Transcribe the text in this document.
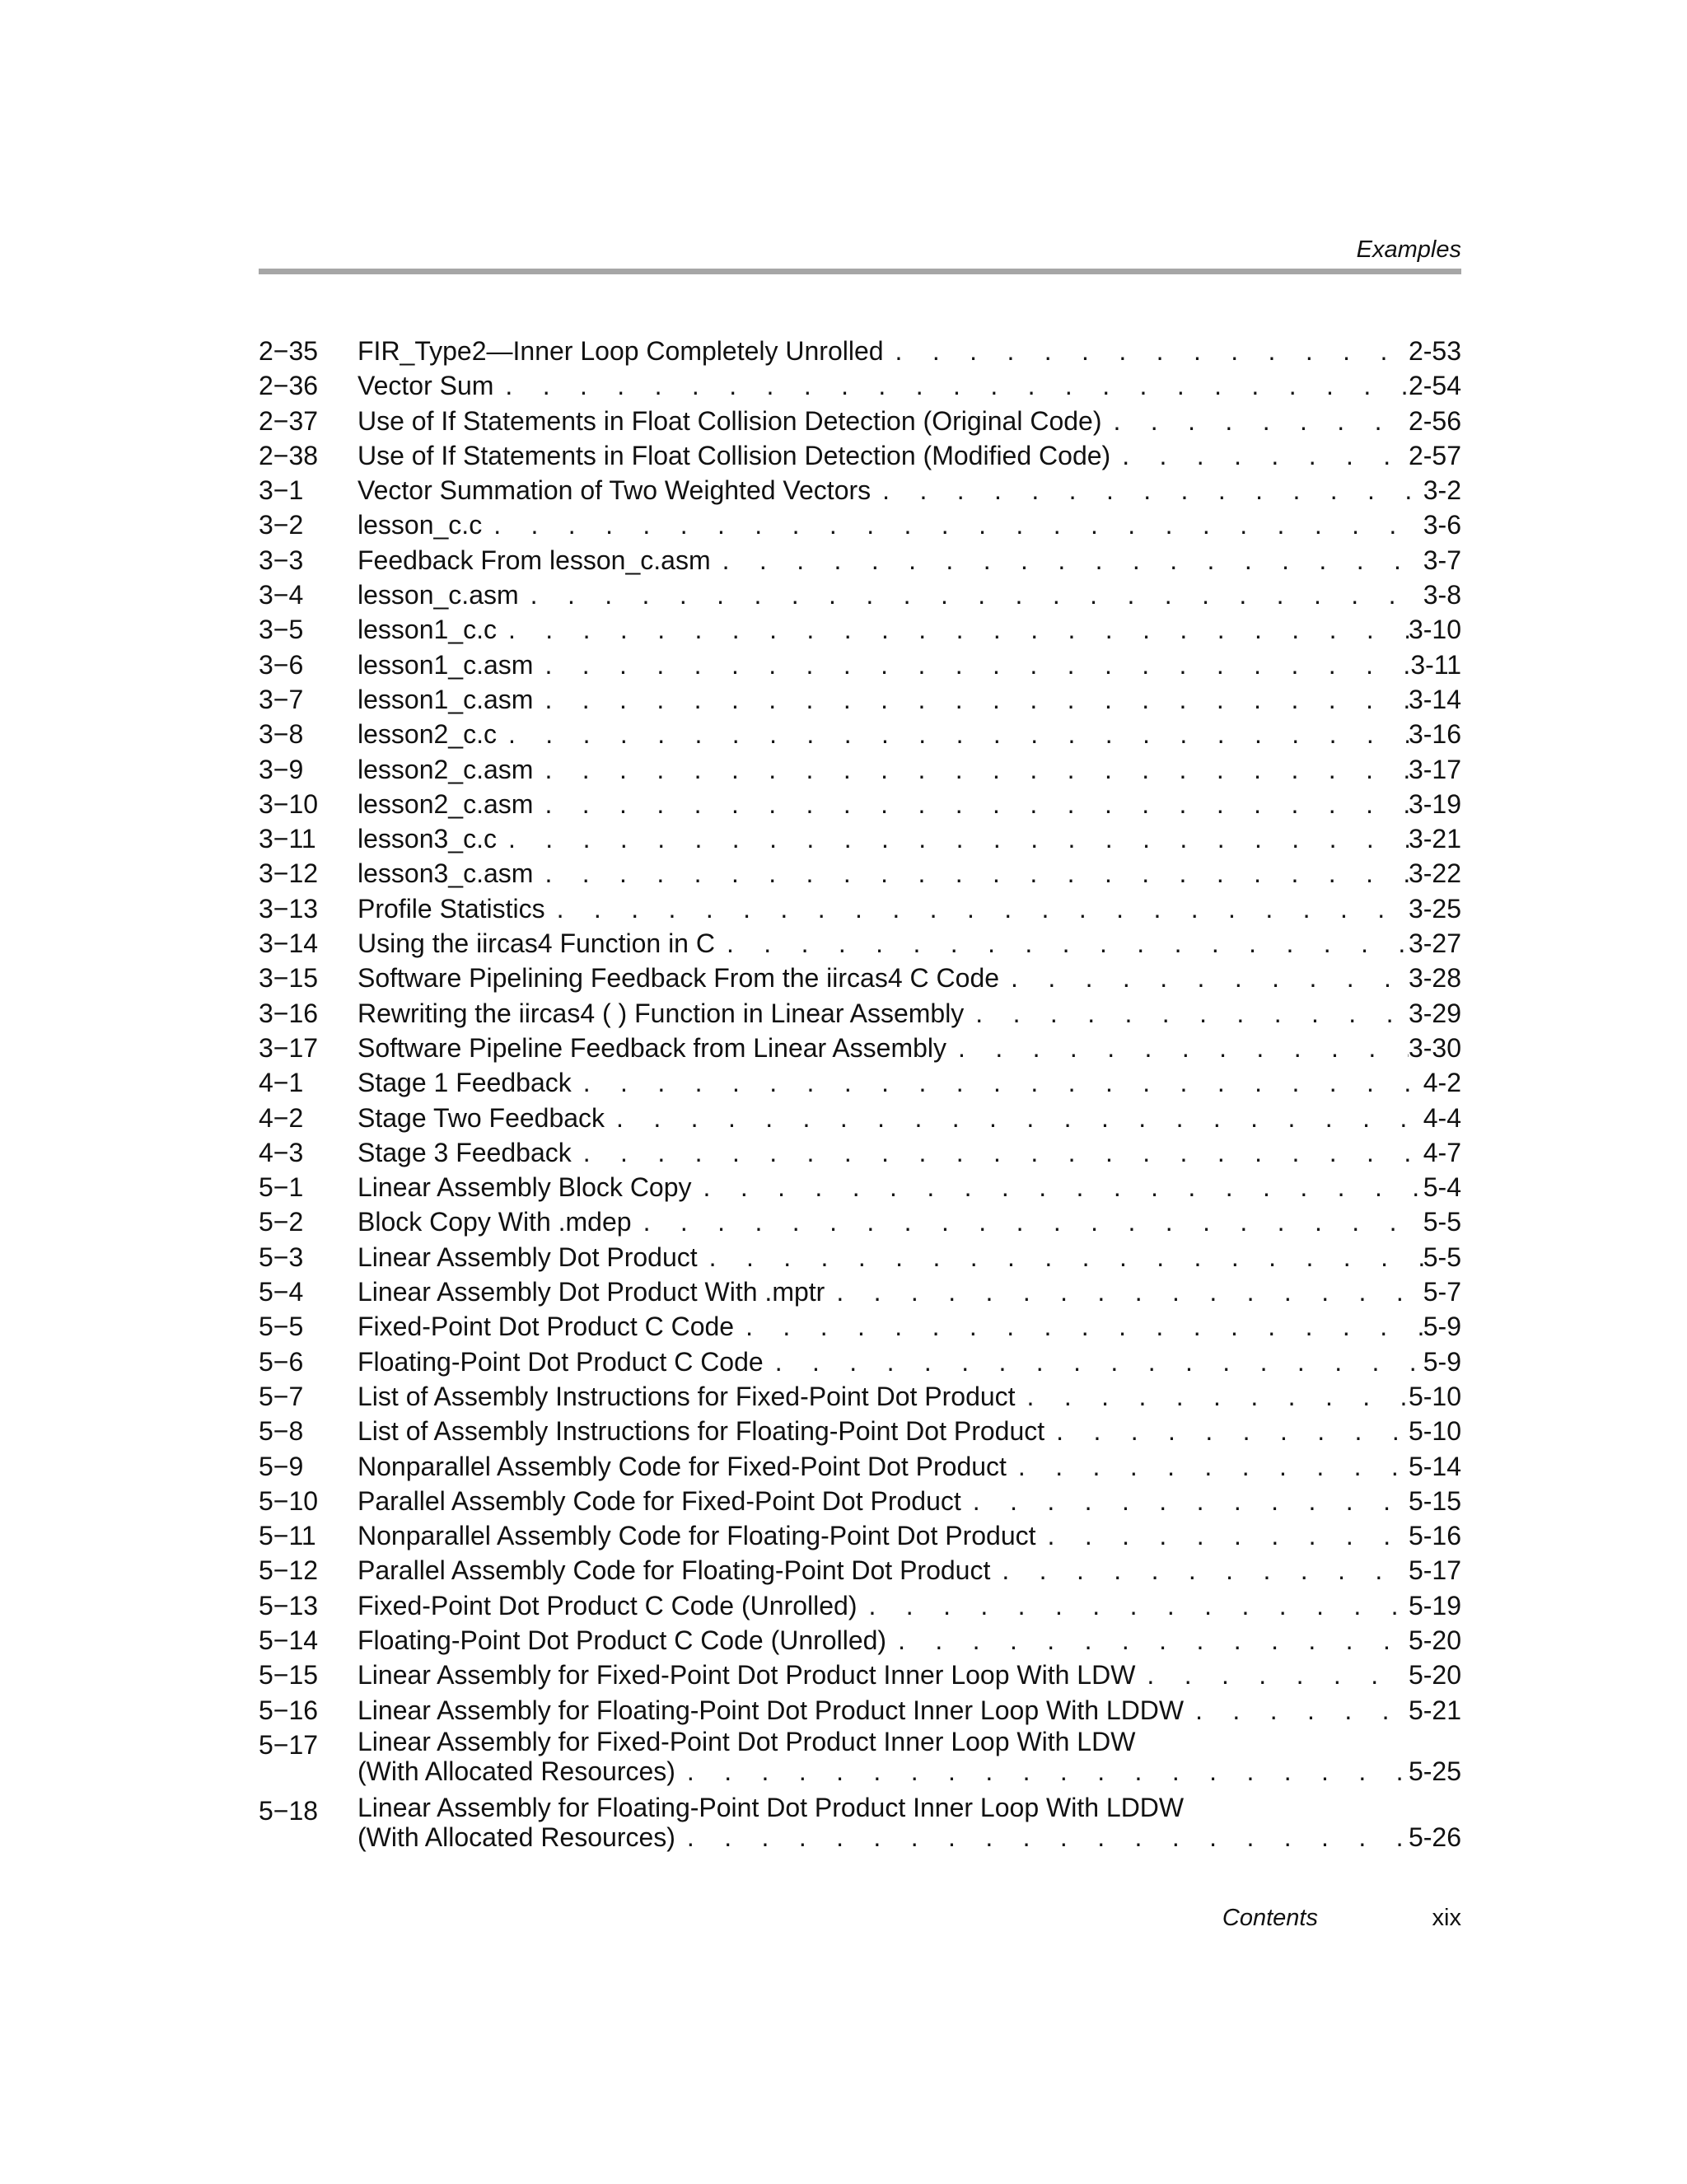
Examples
2−35	FIR_Type2—Inner Loop Completely Unrolled . . .	2-53
2−36	Vector Sum . . .	2-54
2−37	Use of If Statements in Float Collision Detection (Original Code) . . .	2-56
2−38	Use of If Statements in Float Collision Detection (Modified Code) . . .	2-57
3−1	Vector Summation of Two Weighted Vectors . . .	3-2
3−2	lesson_c.c . . .	3-6
3−3	Feedback From lesson_c.asm . . .	3-7
3−4	lesson_c.asm . . .	3-8
3−5	lesson1_c.c . . .	3-10
3−6	lesson1_c.asm . . .	3-11
3−7	lesson1_c.asm . . .	3-14
3−8	lesson2_c.c . . .	3-16
3−9	lesson2_c.asm . . .	3-17
3−10	lesson2_c.asm . . .	3-19
3−11	lesson3_c.c . . .	3-21
3−12	lesson3_c.asm . . .	3-22
3−13	Profile Statistics . . .	3-25
3−14	Using the iircas4 Function in C . . .	3-27
3−15	Software Pipelining Feedback From the iircas4 C Code . . .	3-28
3−16	Rewriting the iircas4 ( ) Function in Linear Assembly . . .	3-29
3−17	Software Pipeline Feedback from Linear Assembly . . .	3-30
4−1	Stage 1 Feedback . . .	4-2
4−2	Stage Two Feedback . . .	4-4
4−3	Stage 3 Feedback . . .	4-7
5−1	Linear Assembly Block Copy . . .	5-4
5−2	Block Copy With .mdep . . .	5-5
5−3	Linear Assembly Dot Product . . .	5-5
5−4	Linear Assembly Dot Product With .mptr . . .	5-7
5−5	Fixed-Point Dot Product C Code . . .	5-9
5−6	Floating-Point Dot Product C Code . . .	5-9
5−7	List of Assembly Instructions for Fixed-Point Dot Product . . .	5-10
5−8	List of Assembly Instructions for Floating-Point Dot Product . . .	5-10
5−9	Nonparallel Assembly Code for Fixed-Point Dot Product . . .	5-14
5−10	Parallel Assembly Code for Fixed-Point Dot Product . . .	5-15
5−11	Nonparallel Assembly Code for Floating-Point Dot Product . . .	5-16
5−12	Parallel Assembly Code for Floating-Point Dot Product . . .	5-17
5−13	Fixed-Point Dot Product C Code (Unrolled) . . .	5-19
5−14	Floating-Point Dot Product C Code (Unrolled) . . .	5-20
5−15	Linear Assembly for Fixed-Point Dot Product Inner Loop With LDW . . .	5-20
5−16	Linear Assembly for Floating-Point Dot Product Inner Loop With LDDW . . .	5-21
5−17	Linear Assembly for Fixed-Point Dot Product Inner Loop With LDW
(With Allocated Resources) . . .	5-25
5−18	Linear Assembly for Floating-Point Dot Product Inner Loop With LDDW
(With Allocated Resources) . . .	5-26
Contents	xix
